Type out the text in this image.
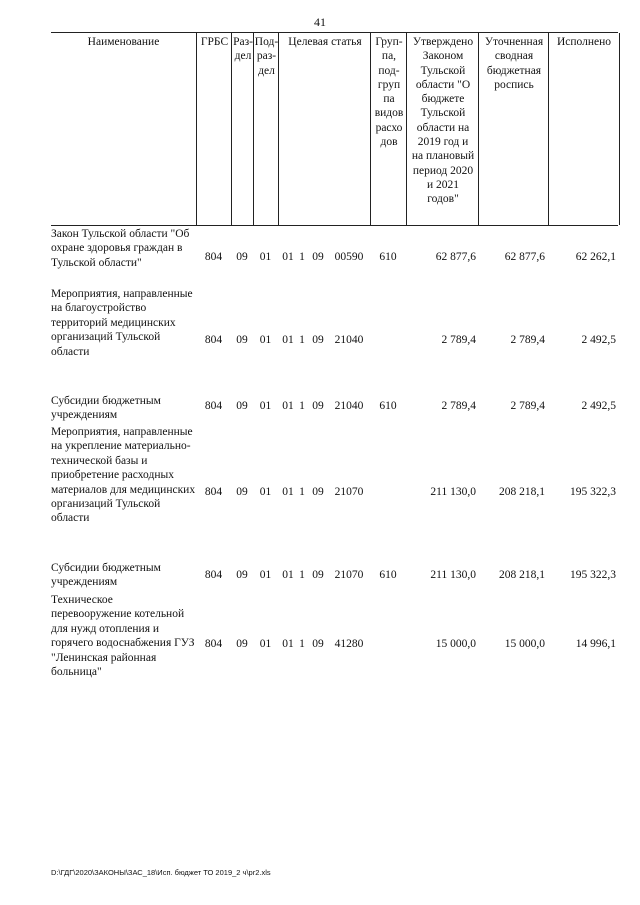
41
Наименование	ГРБС Раз-
дел
Под-
раз-
дел
Целевая статья	Груп-
па,
под-
груп
па
видов
расхо
дов
Утверждено
Законом
Тульской
области "О
бюджете
Тульской
области на
2019 год и
на плановый
период 2020
и 2021
годов"
Уточненная
сводная
бюджетная
роспись
Исполнено
Закон Тульской области "Об охране здоровья граждан в Тульской области"	804	09	01 01 1 09 00590	610	62 877,6	62 877,6	62 262,1
Мероприятия, направленные на благоустройство территорий медицинских организаций Тульской области
804	09	01 01 1 09 21040	2 789,4	2 789,4	2 492,5
Субсидии бюджетным учреждениям
804	09	01 01 1 09 21040	610	2 789,4	2 789,4	2 492,5
Мероприятия, направленные на укрепление материально-технической базы и приобретение расходных материалов для медицинских организаций Тульской области
804	09	01 01 1 09 21070	211 130,0	208 218,1	195 322,3
Субсидии бюджетным учреждениям
804	09	01 01 1 09 21070	610	211 130,0	208 218,1	195 322,3
Техническое перевооружение котельной для нужд отопления и горячего водоснабжения ГУЗ "Ленинская районная больница"
804	09	01 01 1 09 41280	15 000,0	15 000,0	14 996,1
D:\ГДГ\2020\ЗАКОНЫ\ЗАС_18\Исп. бюджет ТО 2019_2 ч\pr2.xls
